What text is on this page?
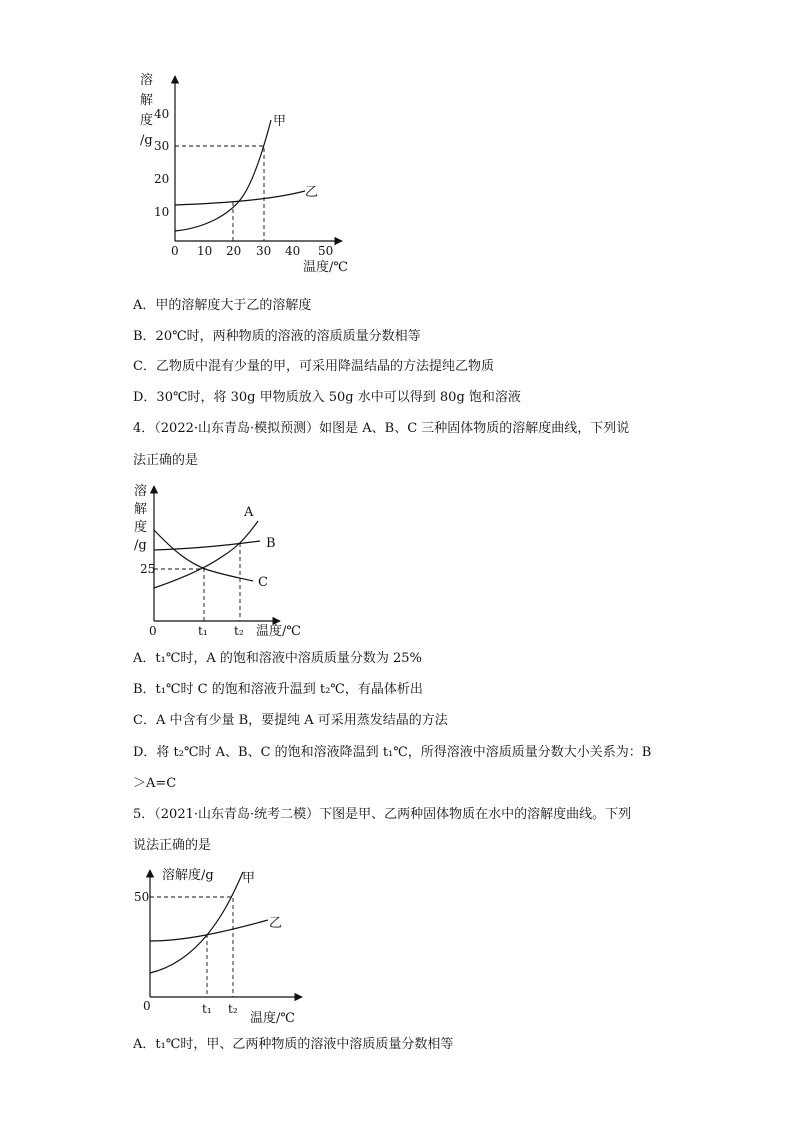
溶
解
度
/g
10
20
30
40
0 10 20 30 40 50
温度/℃
甲
乙
A．甲的溶解度大于乙的溶解度
B．20℃时，两种物质的溶液的溶质质量分数相等
C．乙物质中混有少量的甲，可采用降温结晶的方法提纯乙物质
D．30℃时，将 30g 甲物质放入 50g 水中可以得到 80g 饱和溶液
4．（2022·山东青岛·模拟预测）如图是 A、B、C 三种固体物质的溶解度曲线，下列说
法正确的是
溶
解
度
/g
25
0	t₁ t₂ 温度/℃
A
B
C
A．t₁℃时，A 的饱和溶液中溶质质量分数为 25%
B．t₁℃时 C 的饱和溶液升温到 t₂℃，有晶体析出
C．A 中含有少量 B，要提纯 A 可采用蒸发结晶的方法
D．将 t₂℃时 A、B、C 的饱和溶液降温到 t₁℃，所得溶液中溶质质量分数大小关系为：B
＞A=C
5．（2021·山东青岛·统考二模）下图是甲、乙两种固体物质在水中的溶解度曲线。下列
说法正确的是
溶解度/g
50
0	t₁ t₂
温度/℃
甲
乙
A．t₁℃时，甲、乙两种物质的溶液中溶质质量分数相等
